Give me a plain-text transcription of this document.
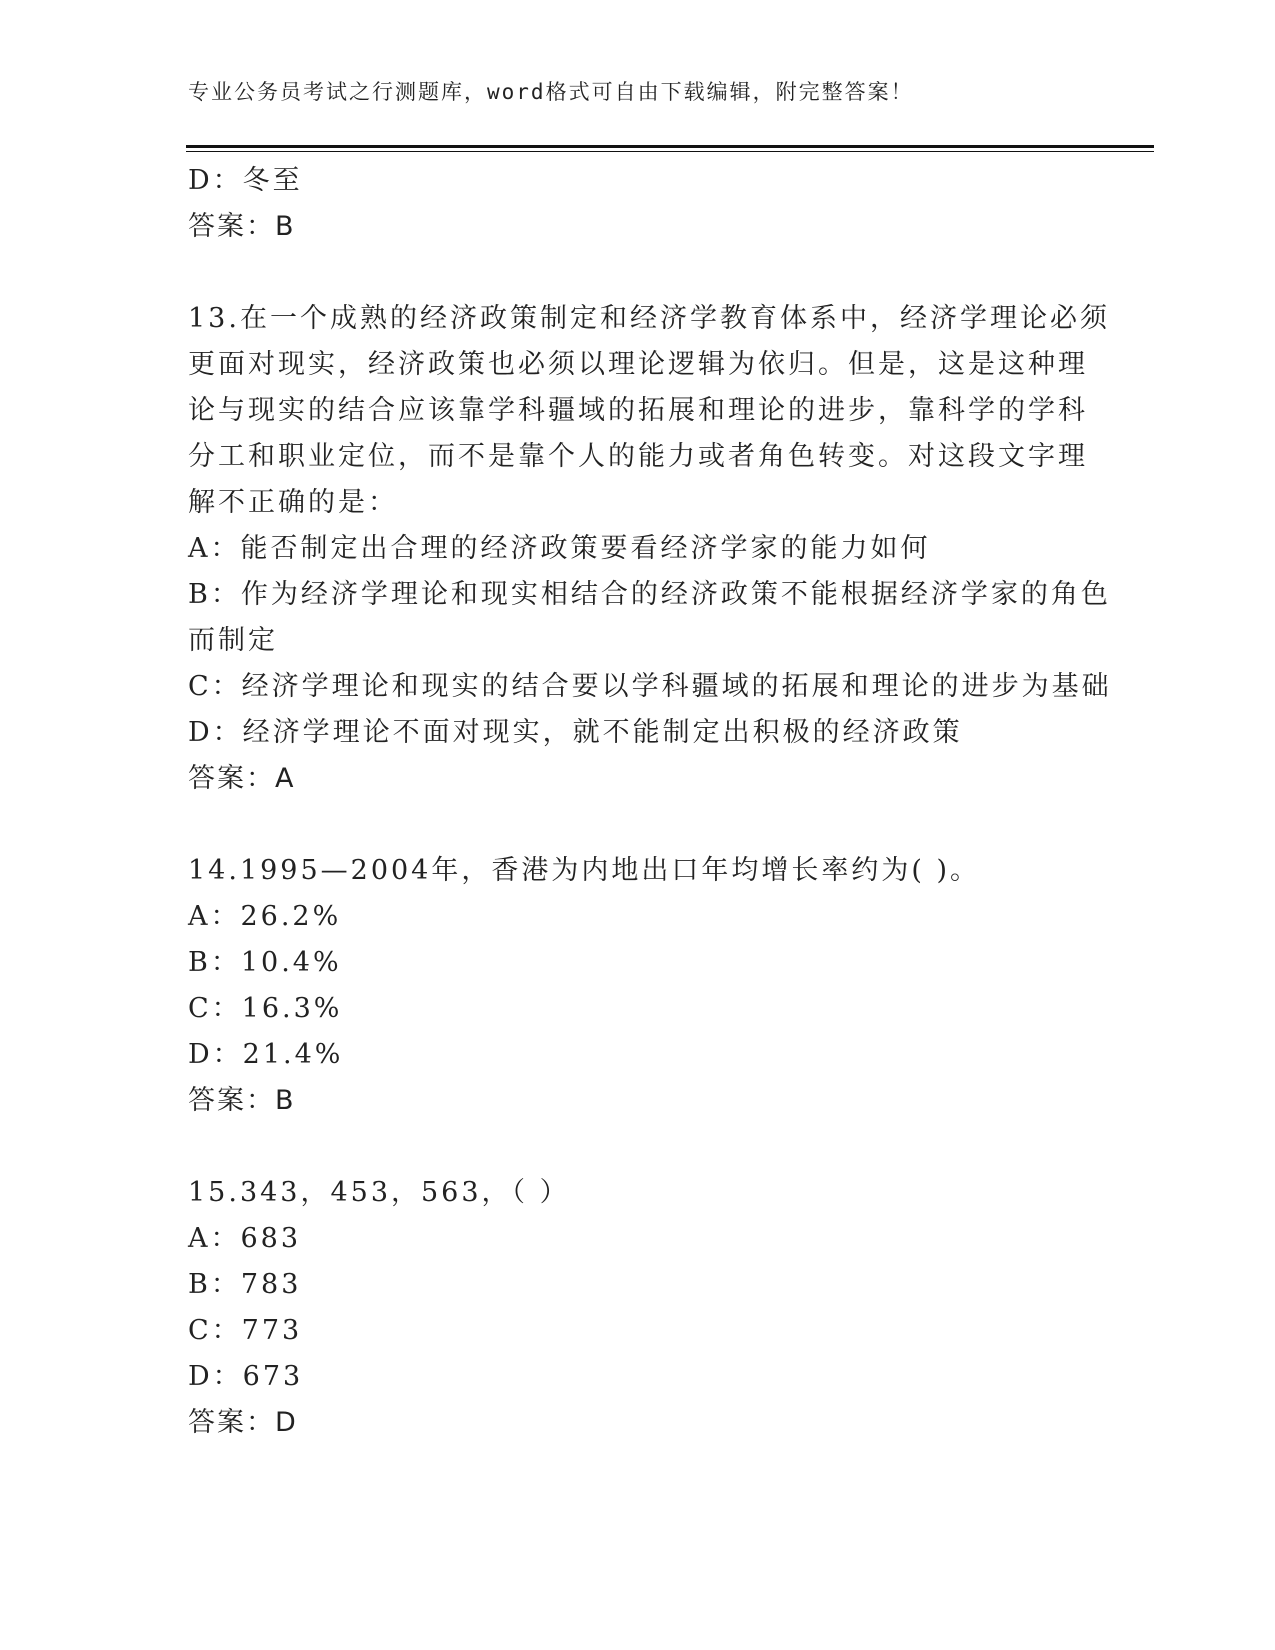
专业公务员考试之行测题库，word格式可自由下载编辑，附完整答案！
D：冬至
答案：B
13.在一个成熟的经济政策制定和经济学教育体系中，经济学理论必须
更面对现实，经济政策也必须以理论逻辑为依归。但是，这是这种理
论与现实的结合应该靠学科疆域的拓展和理论的进步，靠科学的学科
分工和职业定位，而不是靠个人的能力或者角色转变。对这段文字理
解不正确的是：
A：能否制定出合理的经济政策要看经济学家的能力如何
B：作为经济学理论和现实相结合的经济政策不能根据经济学家的角色
而制定
C：经济学理论和现实的结合要以学科疆域的拓展和理论的进步为基础
D：经济学理论不面对现实，就不能制定出积极的经济政策
答案：A
14.1995—2004年，香港为内地出口年均增长率约为( )。
A：26.2%
B：10.4%
C：16.3%
D：21.4%
答案：B
15.343，453，563，（ ）
A：683
B：783
C：773
D：673
答案：D
